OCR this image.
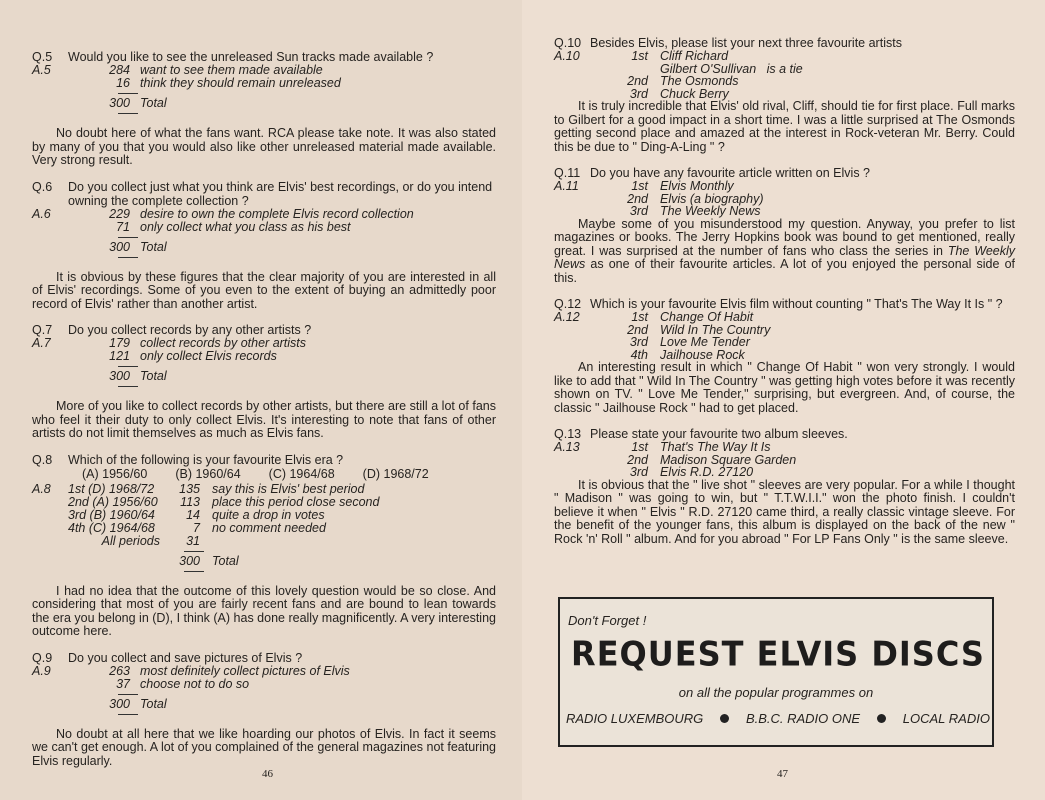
Q.5	Would you like to see the unreleased Sun tracks made available ?
A.5	284 want to see them made available
16 think they should remain unreleased
300 Total

No doubt here of what the fans want. RCA please take note. It was also stated by many of you that you would also like other unreleased material made available. Very strong result.

Q.6	Do you collect just what you think are Elvis' best recordings, or do you intend owning the complete collection ?
A.6	229 desire to own the complete Elvis record collection
71 only collect what you class as his best
300 Total

It is obvious by these figures that the clear majority of you are interested in all of Elvis' recordings. Some of you even to the extent of buying an admittedly poor record of Elvis' rather than another artist.

Q.7	Do you collect records by any other artists ?
A.7	179 collect records by other artists
121 only collect Elvis records
300 Total

More of you like to collect records by other artists, but there are still a lot of fans who feel it their duty to only collect Elvis. It's interesting to note that fans of other artists do not limit themselves as much as Elvis fans.

Q.8	Which of the following is your favourite Elvis era ?
(A) 1956/60 (B) 1960/64 (C) 1964/68 (D) 1968/72
A.8	1st (D) 1968/72	135 say this is Elvis' best period
2nd (A) 1956/60	113 place this period close second
3rd (B) 1960/64	14 quite a drop in votes
4th (C) 1964/68	7 no comment needed
All periods	31
300 Total

I had no idea that the outcome of this lovely question would be so close. And considering that most of you are fairly recent fans and are bound to lean towards the era you belong in (D), I think (A) has done really magnificently. A very interesting outcome here.

Q.9	Do you collect and save pictures of Elvis ?
A.9	263 most definitely collect pictures of Elvis
37 choose not to do so
300 Total

No doubt at all here that we like hoarding our photos of Elvis. In fact it seems we can't get enough. A lot of you complained of the general magazines not featuring Elvis regularly.

46
Q.10 Besides Elvis, please list your next three favourite artists
A.10	1st Cliff Richard
Gilbert O'Sullivan   is a tie
2nd The Osmonds
3rd Chuck Berry

It is truly incredible that Elvis' old rival, Cliff, should tie for first place. Full marks to Gilbert for a good impact in a short time. I was a little surprised at The Osmonds getting second place and amazed at the interest in Rock-veteran Mr. Berry. Could this be due to " Ding-A-Ling " ?

Q.11 Do you have any favourite article written on Elvis ?
A.11	1st Elvis Monthly
2nd Elvis (a biography)
3rd The Weekly News

Maybe some of you misunderstood my question. Anyway, you prefer to list magazines or books. The Jerry Hopkins book was bound to get mentioned, really great. I was surprised at the number of fans who class the series in The Weekly News as one of their favourite articles. A lot of you enjoyed the personal side of this.

Q.12 Which is your favourite Elvis film without counting " That's The Way It Is " ?
A.12	1st Change Of Habit
2nd Wild In The Country
3rd Love Me Tender
4th Jailhouse Rock

An interesting result in which " Change Of Habit " won very strongly. I would like to add that " Wild In The Country " was getting high votes before it was recently shown on TV. " Love Me Tender," surprising, but evergreen. And, of course, the classic " Jailhouse Rock " had to get placed.

Q.13 Please state your favourite two album sleeves.
A.13	1st That's The Way It Is
2nd Madison Square Garden
3rd Elvis R.D. 27120

It is obvious that the " live shot " sleeves are very popular. For a while I thought " Madison " was going to win, but " T.T.W.I.I." won the photo finish. I couldn't believe it when " Elvis " R.D. 27120 came third, a really classic vintage sleeve. For the benefit of the younger fans, this album is displayed on the back of the new " Rock 'n' Roll " album. And for you abroad " For LP Fans Only " is the same sleeve.

Don't Forget !
REQUEST ELVIS DISCS
on all the popular programmes on
RADIO LUXEMBOURG	B.B.C. RADIO ONE	LOCAL RADIO
47
